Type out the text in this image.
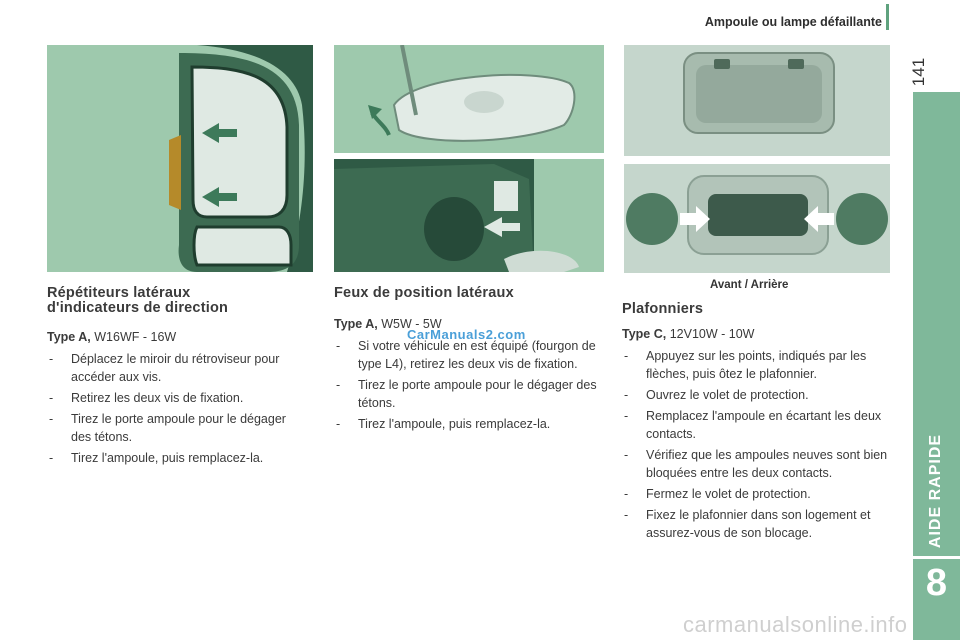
Ampoule ou lampe défaillante
141
AIDE RAPIDE
8
Répétiteurs latéraux
d'indicateurs de direction
Type A, W16WF - 16W
- Déplacez le miroir du rétroviseur pour accéder aux vis.
- Retirez les deux vis de fixation.
- Tirez le porte ampoule pour le dégager des tétons.
- Tirez l'ampoule, puis remplacez-la.
Feux de position latéraux
Type A, W5W - 5W
- Si votre véhicule en est équipé (fourgon de type L4), retirez les deux vis de fixation.
- Tirez le porte ampoule pour le dégager des tétons.
- Tirez l'ampoule, puis remplacez-la.
Avant / Arrière
Plafonniers
Type C, 12V10W - 10W
- Appuyez sur les points, indiqués par les flèches, puis ôtez le plafonnier.
- Ouvrez le volet de protection.
- Remplacez l'ampoule en écartant les deux contacts.
- Vérifiez que les ampoules neuves sont bien bloquées entre les deux contacts.
- Fermez le volet de protection.
- Fixez le plafonnier dans son logement et assurez-vous de son blocage.
CarManuals2.com
carmanualsonline.info
